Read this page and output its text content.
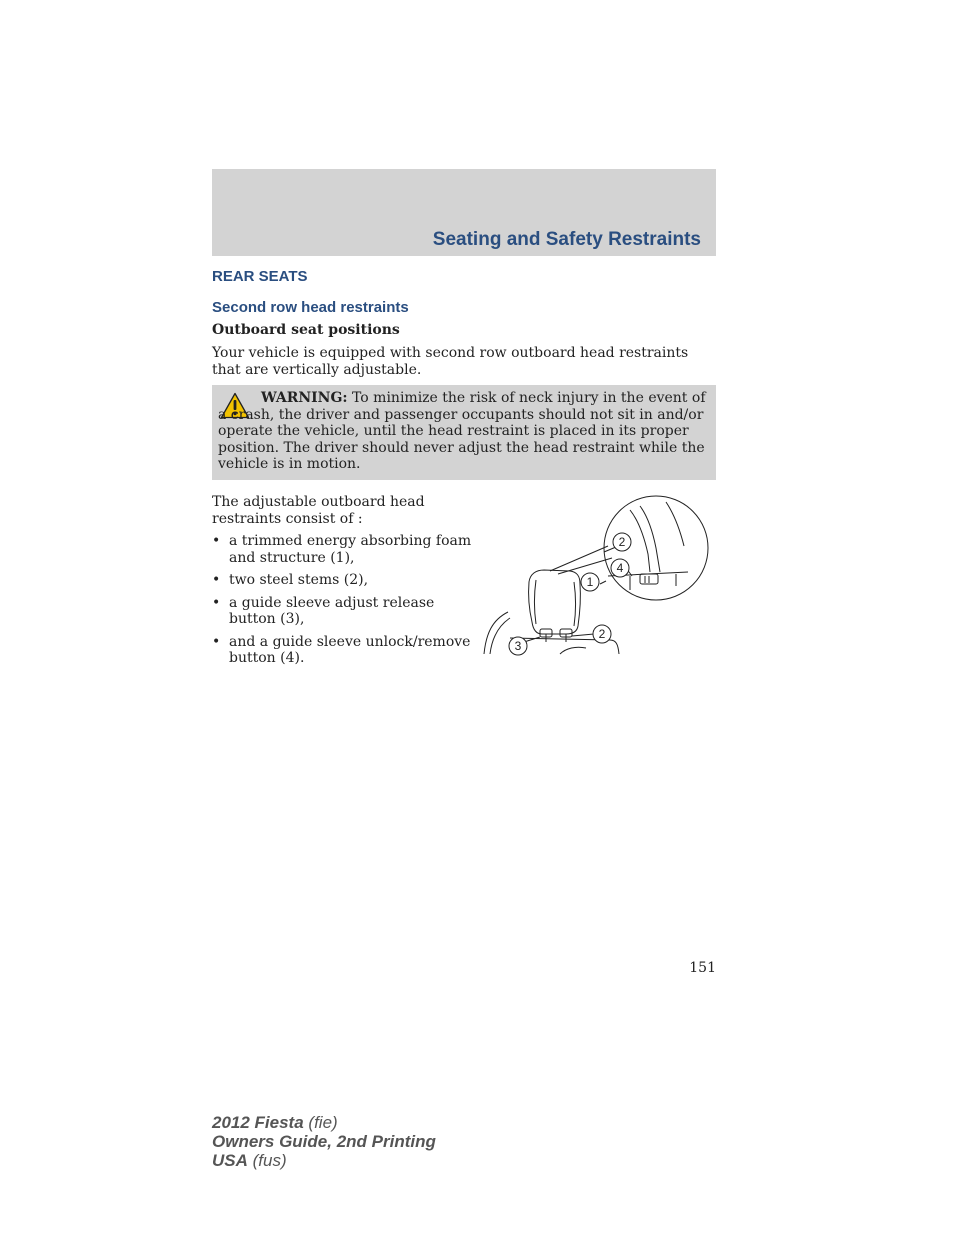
Seating and Safety Restraints
REAR SEATS
Second row head restraints
Outboard seat positions
Your vehicle is equipped with second row outboard head restraints that are vertically adjustable.
WARNING: To minimize the risk of neck injury in the event of a crash, the driver and passenger occupants should not sit in and/or operate the vehicle, until the head restraint is placed in its proper position. The driver should never adjust the head restraint while the vehicle is in motion.
The adjustable outboard head restraints consist of :
• a trimmed energy absorbing foam and structure (1),
• two steel stems (2),
• a guide sleeve adjust release button (3),
• and a guide sleeve unlock/remove button (4).
2
4
1
2
3
151
2012 Fiesta (fie)
Owners Guide, 2nd Printing
USA (fus)
